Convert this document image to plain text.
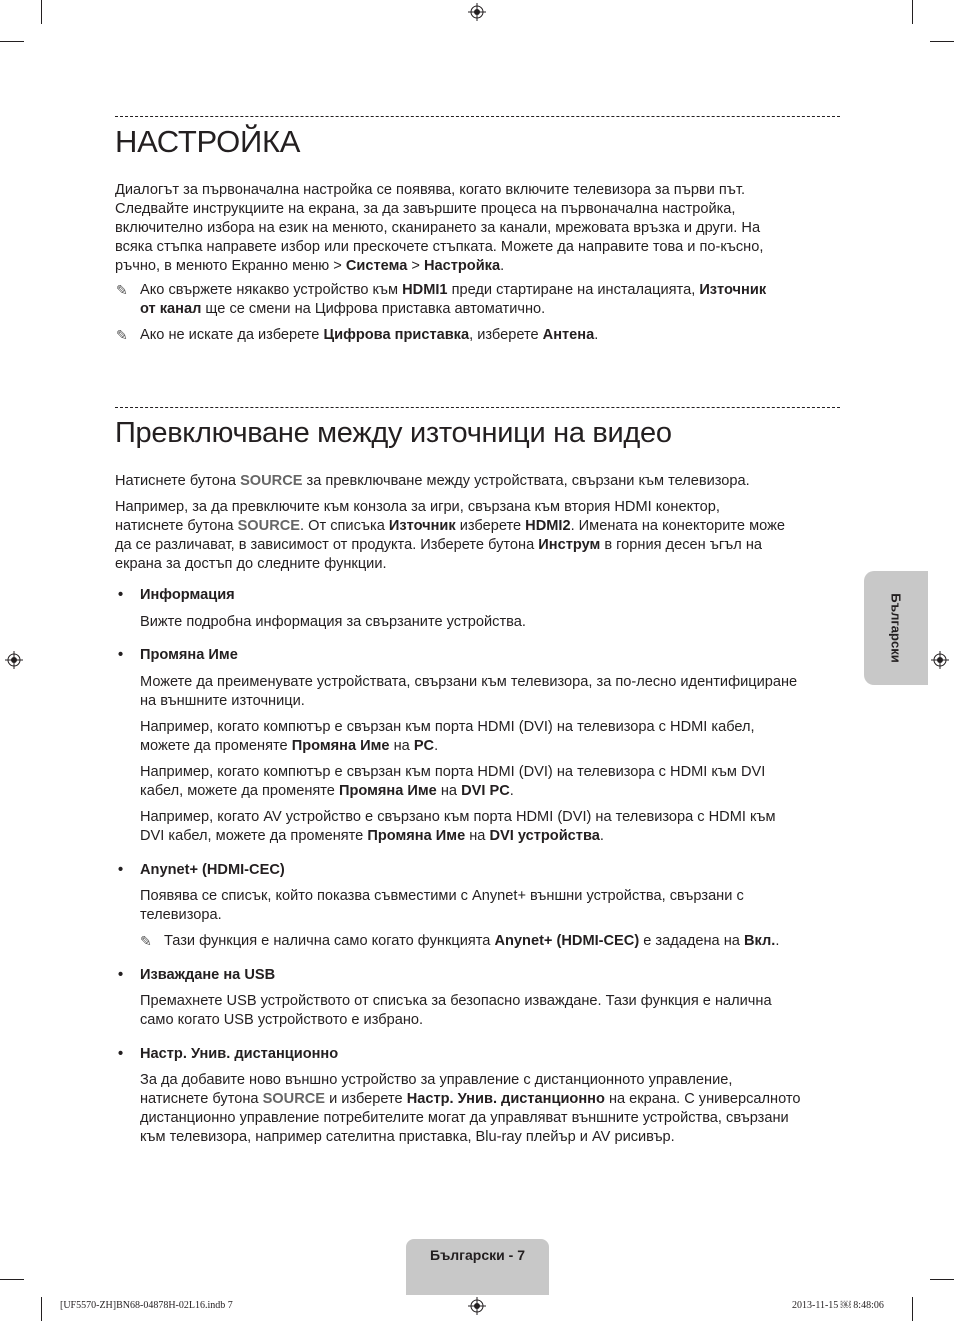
НАСТРОЙКА

Диалогът за първоначална настройка се появява, когато включите телевизора за първи път.

Следвайте инструкциите на екрана, за да завършите процеса на първоначална настройка,

включително избора на език на менюто, сканирането за канали, мрежовата връзка и други. На

всяка стъпка направете избор или прескочете стъпката. Можете да направите това и по-късно,

ръчно, в менюто Екранно меню > Система > Настройка.

✎ Ако свържете някакво устройство към HDMI1 преди стартиране на инсталацията, Източник
от канал ще се смени на Цифрова приставка автоматично.
✎ Ако не искате да изберете Цифрова приставка, изберете Антена.
Превключване между източници на видео

Натиснете бутона SOURCE за превключване между устройствата, свързани към телевизора.

Например, за да превключите към конзола за игри, свързана към втория HDMI конектор,

натиснете бутона SOURCE. От списъка Източник изберете HDMI2. Имената на конекторите може

да се различават, в зависимост от продукта. Изберете бутона Инструм в горния десен ъгъл на

екрана за достъп до следните функции.

• Информация

Вижте подробна информация за свързаните устройства.

• Промяна Име

Можете да преименувате устройствата, свързани към телевизора, за по-лесно идентифициране

на външните източници.

Например, когато компютър е свързан към порта HDMI (DVI) на телевизора с HDMI кабел,

можете да променяте Промяна Име на PC.

Например, когато компютър е свързан към порта HDMI (DVI) на телевизора с HDMI към DVI

кабел, можете да променяте Промяна Име на DVI PC.

Например, когато AV устройство е свързано към порта HDMI (DVI) на телевизора с HDMI към

DVI кабел, можете да променяте Промяна Име на DVI устройства.

• Anynet+ (HDMI-CEC)

Появява се списък, който показва съвместими с Anynet+ външни устройства, свързани с

телевизора.

✎ Тази функция е налична само когато функцията Anynet+ (HDMI-CEC) е зададена на Вкл..

• Изваждане на USB

Премахнете USB устройството от списъка за безопасно изваждане. Тази функция е налична

само когато USB устройството е избрано.

• Настр. Унив. дистанционно

За да добавите ново външно устройство за управление с дистанционното управление,

натиснете бутона SOURCE и изберете Настр. Унив. дистанционно на екрана. С универсалното

дистанционно управление потребителите могат да управляват външните устройства, свързани

към телевизора, например сателитна приставка, Blu-ray плейър и AV рисивър.

Български
Български - 7
[UF5570-ZH]BN68-04878H-02L16.indb 7	2013-11-15 ￼ 8:48:06
